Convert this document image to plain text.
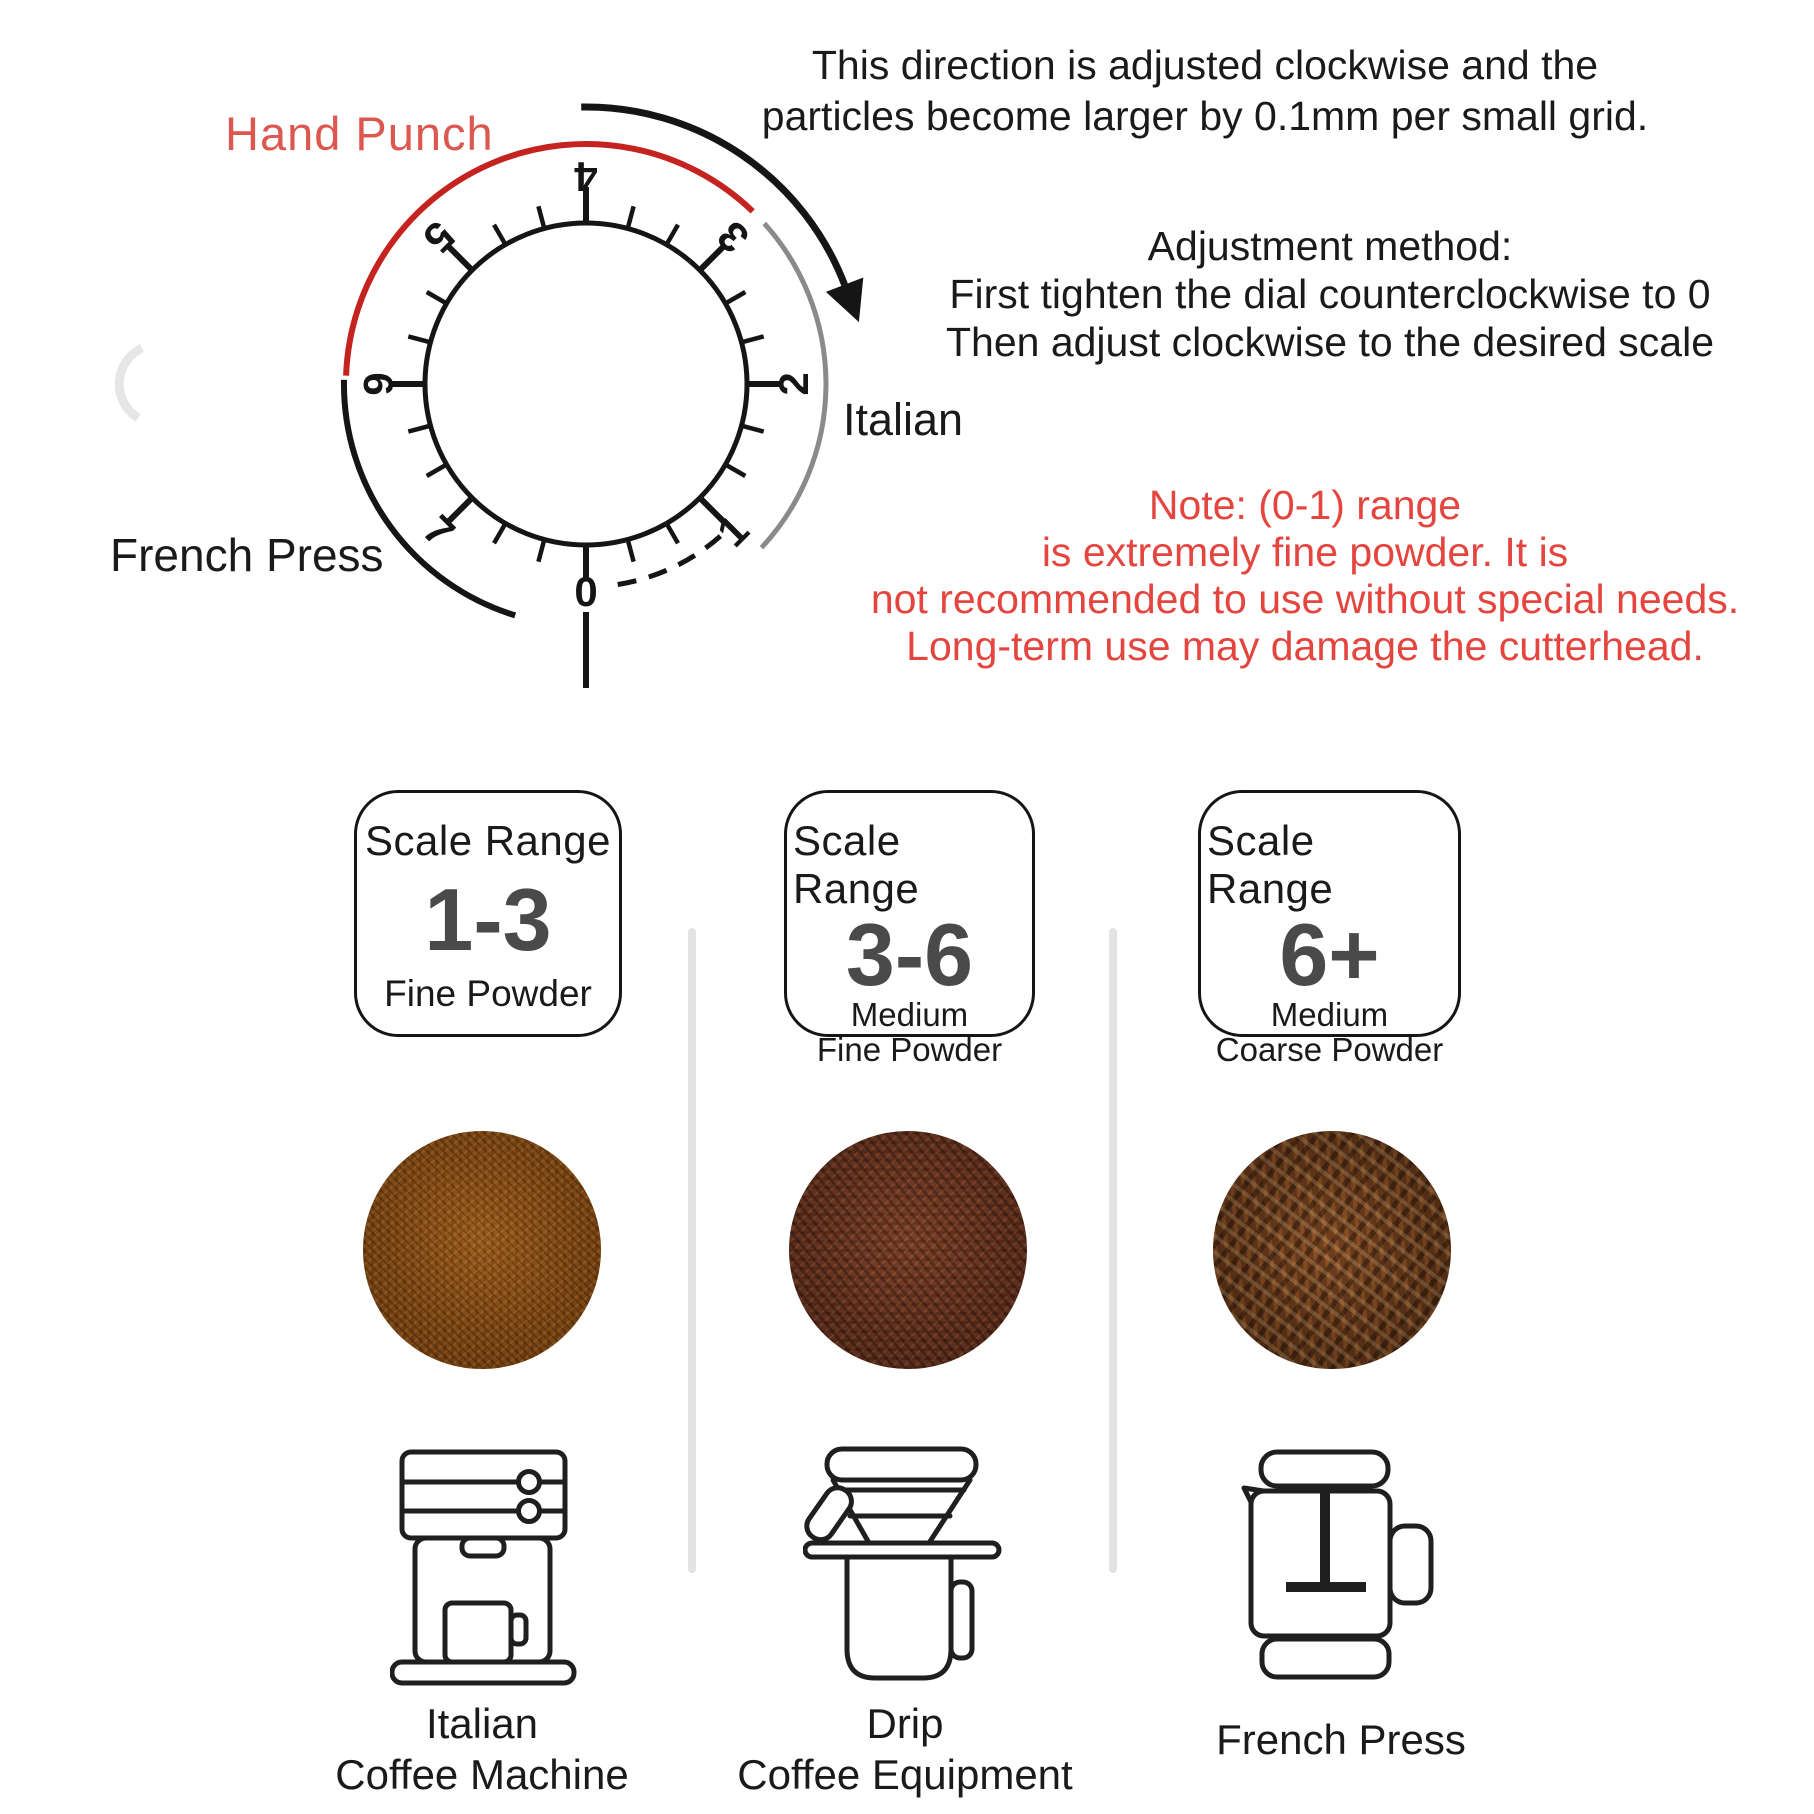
0
1
2
3
4
5
6
7
Hand Punch
Italian
French Press
This direction is adjusted clockwise and the
particles become larger by 0.1mm per small grid.
Adjustment method:
First tighten the dial counterclockwise to 0
Then adjust clockwise to the desired scale
Note: (0-1) range
is extremely fine powder. It is
not recommended to use without special needs.
Long-term use may damage the cutterhead.
Scale Range
1-3
Fine Powder
Scale Range
3-6
Medium
Fine Powder
Scale Range
6+
Medium
Coarse Powder
Italian
Coffee Machine
Drip
Coffee Equipment
French Press
